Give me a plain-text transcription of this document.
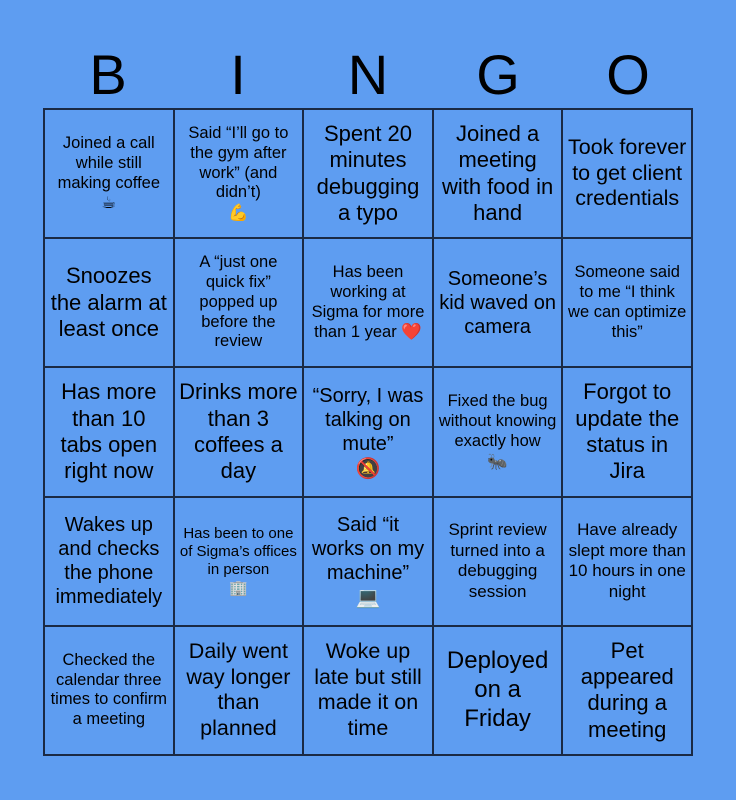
B	I	N	G	O
Joined a call while still making coffee
☕
Said “I’ll go to the gym after work” (and didn’t)
💪
Spent 20 minutes debugging a typo
Joined a meeting with food in hand
Took forever to get client credentials
Snoozes the alarm at least once
A “just one quick fix” popped up before the review
Has been working at Sigma for more than 1 year ❤️
Someone’s kid waved on camera
Someone said to me “I think we can optimize this”
Has more than 10 tabs open right now
Drinks more than 3 coffees a day
“Sorry, I was talking on mute”
🔕
Fixed the bug without knowing exactly how
🐜
Forgot to update the status in Jira
Wakes up and checks the phone immediately
Has been to one of Sigma’s offices in person
🏢
Said “it works on my machine”
💻
Sprint review turned into a debugging session
Have already slept more than 10 hours in one night
Checked the calendar three times to confirm a meeting
Daily went way longer than planned
Woke up late but still made it on time
Deployed on a Friday
Pet appeared during a meeting
